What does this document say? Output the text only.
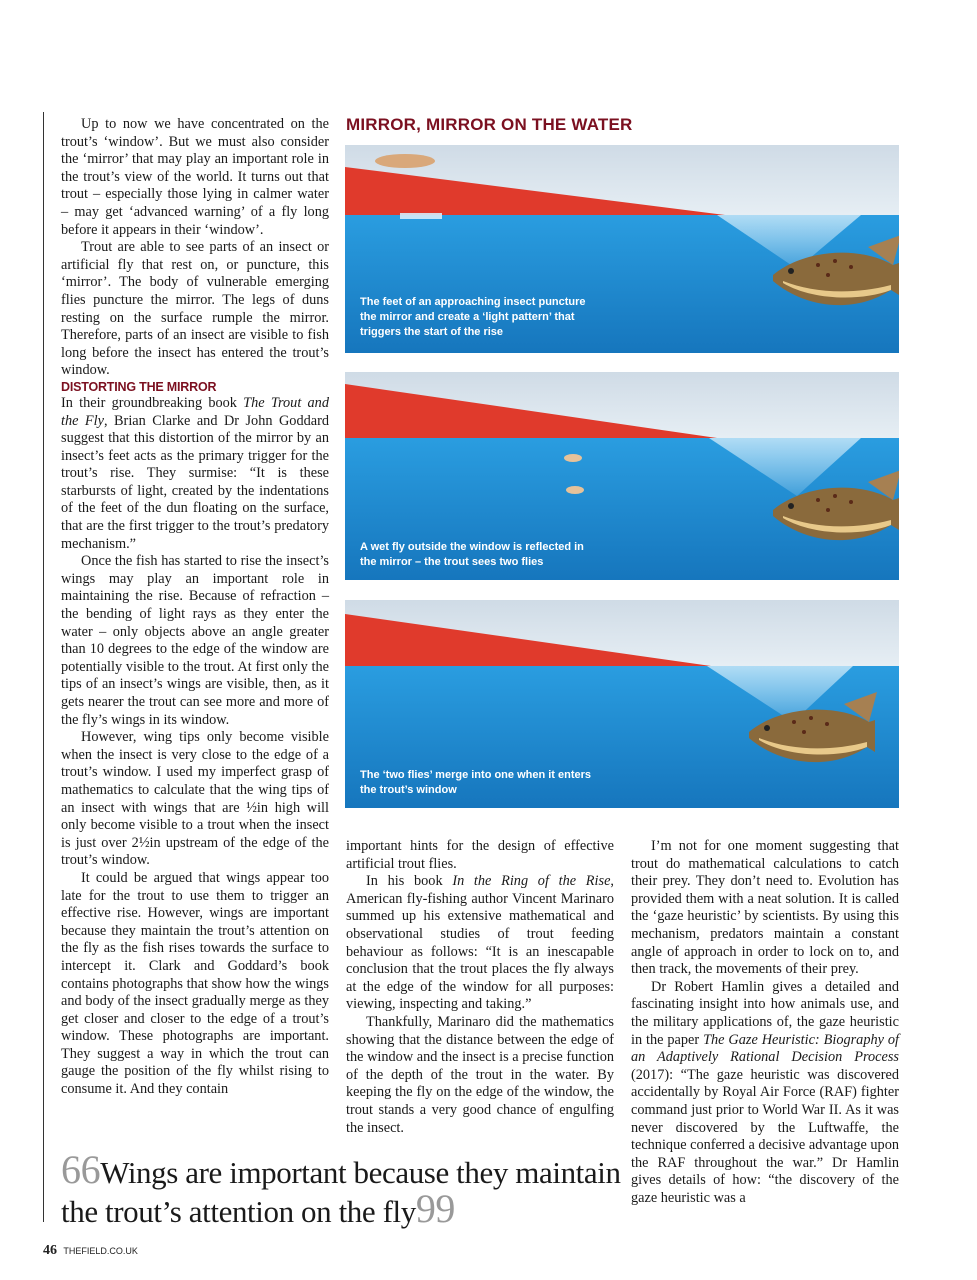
Up to now we have concentrated on the trout’s ‘window’. But we must also consider the ‘mirror’ that may play an important role in the trout’s view of the world. It turns out that trout – especially those lying in calmer water – may get ‘advanced warning’ of a fly long before it appears in their ‘window’.

Trout are able to see parts of an insect or artificial fly that rest on, or puncture, this ‘mirror’. The body of vulnerable emerging flies puncture the mirror. The legs of duns resting on the surface rumple the mirror. Therefore, parts of an insect are visible to fish long before the insect has entered the trout’s window.

DISTORTING THE MIRROR

In their groundbreaking book The Trout and the Fly, Brian Clarke and Dr John Goddard suggest that this distortion of the mirror by an insect’s feet acts as the primary trigger for the trout’s rise. They surmise: “It is these starbursts of light, created by the indentations of the feet of the dun floating on the surface, that are the first trigger to the trout’s predatory mechanism.”

Once the fish has started to rise the insect’s wings may play an important role in maintaining the rise. Because of refraction – the bending of light rays as they enter the water – only objects above an angle greater than 10 degrees to the edge of the window are potentially visible to the trout. At first only the tips of an insect’s wings are visible, then, as it gets nearer the trout can see more and more of the fly’s wings in its window.

However, wing tips only become visible when the insect is very close to the edge of a trout’s window. I used my imperfect grasp of mathematics to calculate that the wing tips of an insect with wings that are ½in high will only become visible to a trout when the insect is just over 2½in upstream of the edge of the trout’s window.

It could be argued that wings appear too late for the trout to use them to trigger an effective rise. However, wings are important because they maintain the trout’s attention on the fly as the fish rises towards the surface to intercept it. Clark and Goddard’s book contains photographs that show how the wings and body of the insect gradually merge as they get closer and closer to the edge of a trout’s window. These photographs are important. They suggest a way in which the trout can gauge the position of the fly whilst rising to consume it. And they contain

MIRROR, MIRROR ON THE WATER
The feet of an approaching insect puncture
the mirror and create a ‘light pattern’ that
triggers the start of the rise
A wet fly outside the window is reflected in
the mirror – the trout sees two flies
The ‘two flies’ merge into one when it enters
the trout’s window

important hints for the design of effective artificial trout flies.

In his book In the Ring of the Rise, American fly-fishing author Vincent Marinaro summed up his extensive mathematical and observational studies of trout feeding behaviour as follows: “It is an inescapable conclusion that the trout places the fly always at the edge of the window for all purposes: viewing, inspecting and taking.”

Thankfully, Marinaro did the mathematics showing that the distance between the edge of the window and the insect is a precise function of the depth of the trout in the water. By keeping the fly on the edge of the window, the trout stands a very good chance of engulfing the insect.

I’m not for one moment suggesting that trout do mathematical calculations to catch their prey. They don’t need to. Evolution has provided them with a neat solution. It is called the ‘gaze heuristic’ by scientists. By using this mechanism, predators maintain a constant angle of approach in order to lock on to, and then track, the movements of their prey.

Dr Robert Hamlin gives a detailed and fascinating insight into how animals use, and the military applications of, the gaze heuristic in the paper The Gaze Heuristic: Biography of an Adaptively Rational Decision Process (2017): “The gaze heuristic was discovered accidentally by Royal Air Force (RAF) fighter command just prior to World War II. As it was never discovered by the Luftwaffe, the technique conferred a decisive advantage upon the RAF throughout the war.” Dr Hamlin gives details of how: “the discovery of the gaze heuristic was a

66Wings are important because they maintain the trout’s attention on the fly99
46 THEFIELD.CO.UK
